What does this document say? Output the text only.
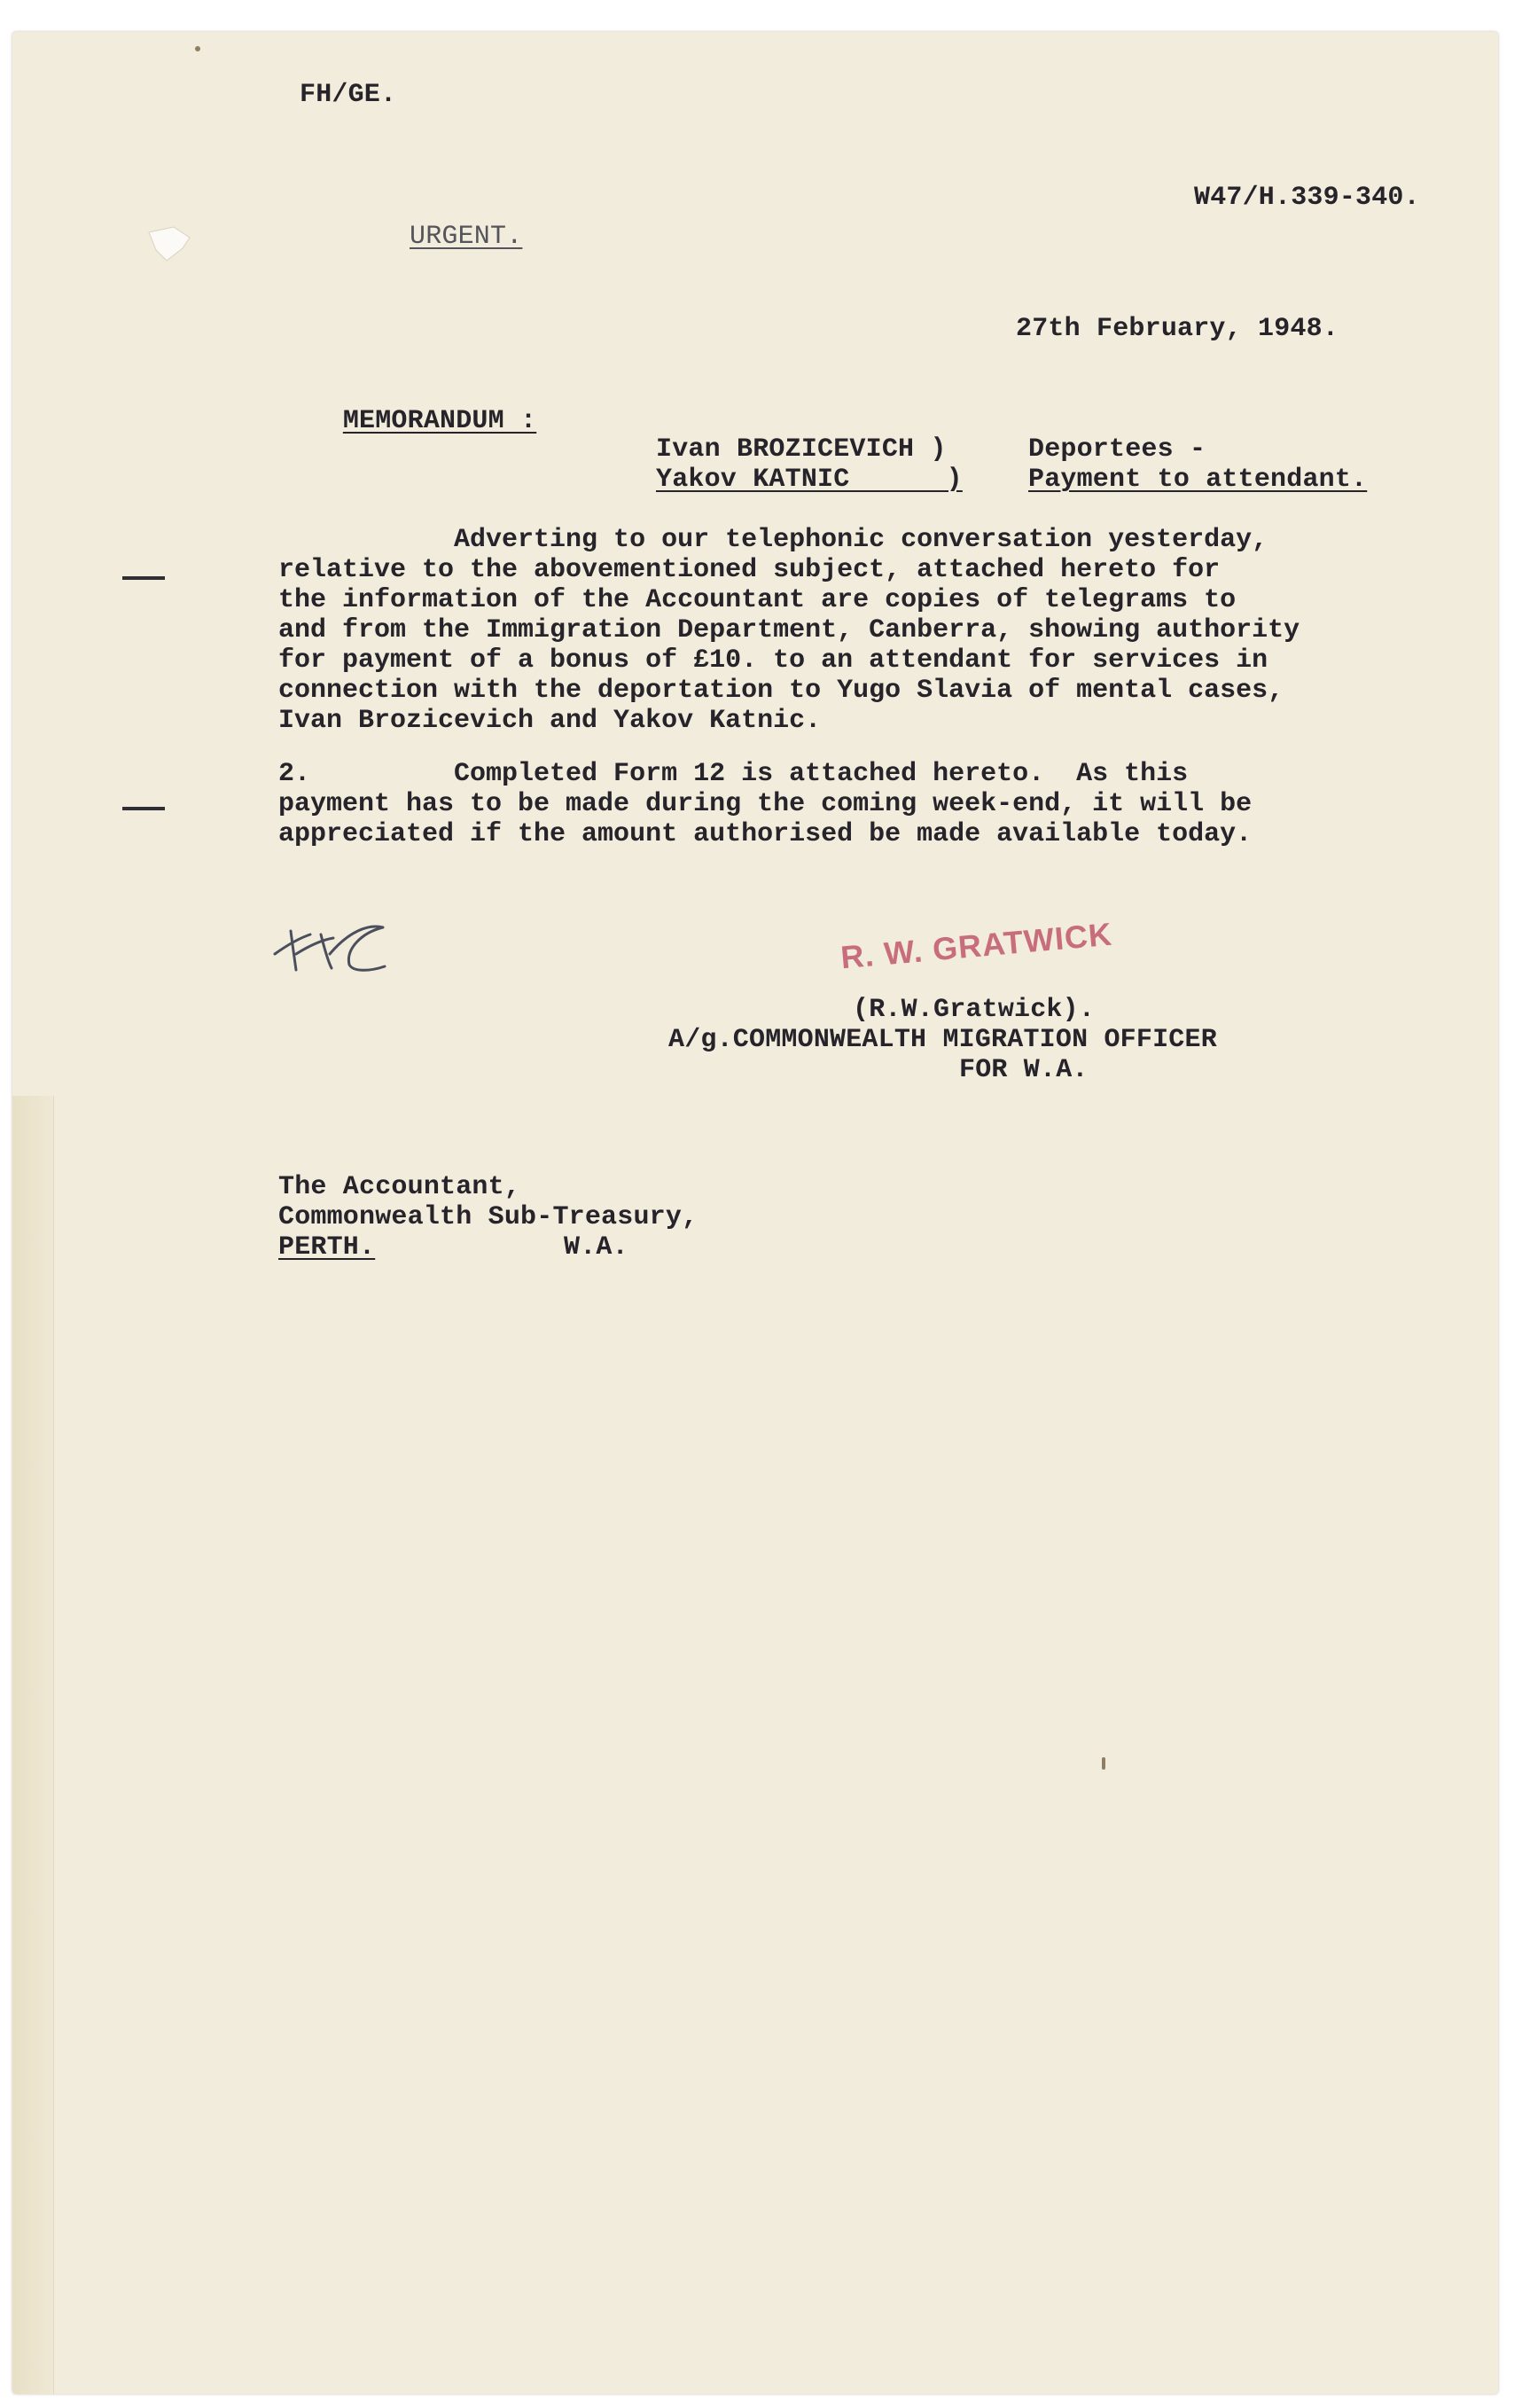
FH/GE.
W47/H.339-340.
URGENT.
27th February, 1948.

MEMORANDUM :

Ivan BROZICEVICH )	Deportees -
Yakov KATNIC      ) Payment to attendant.
Adverting to our telephonic conversation yesterday,
relative to the abovementioned subject, attached hereto for
the information of the Accountant are copies of telegrams to
and from the Immigration Department, Canberra, showing authority
for payment of a bonus of £10. to an attendant for services in
connection with the deportation to Yugo Slavia of mental cases,
Ivan Brozicevich and Yakov Katnic.
2.         Completed Form 12 is attached hereto.  As this
payment has to be made during the coming week-end, it will be
appreciated if the amount authorised be made available today.
R. W. GRATWICK
(R.W.Gratwick).
A/g.COMMONWEALTH MIGRATION OFFICER
FOR W.A.
The Accountant,
Commonwealth Sub-Treasury,
PERTH.	W.A.
